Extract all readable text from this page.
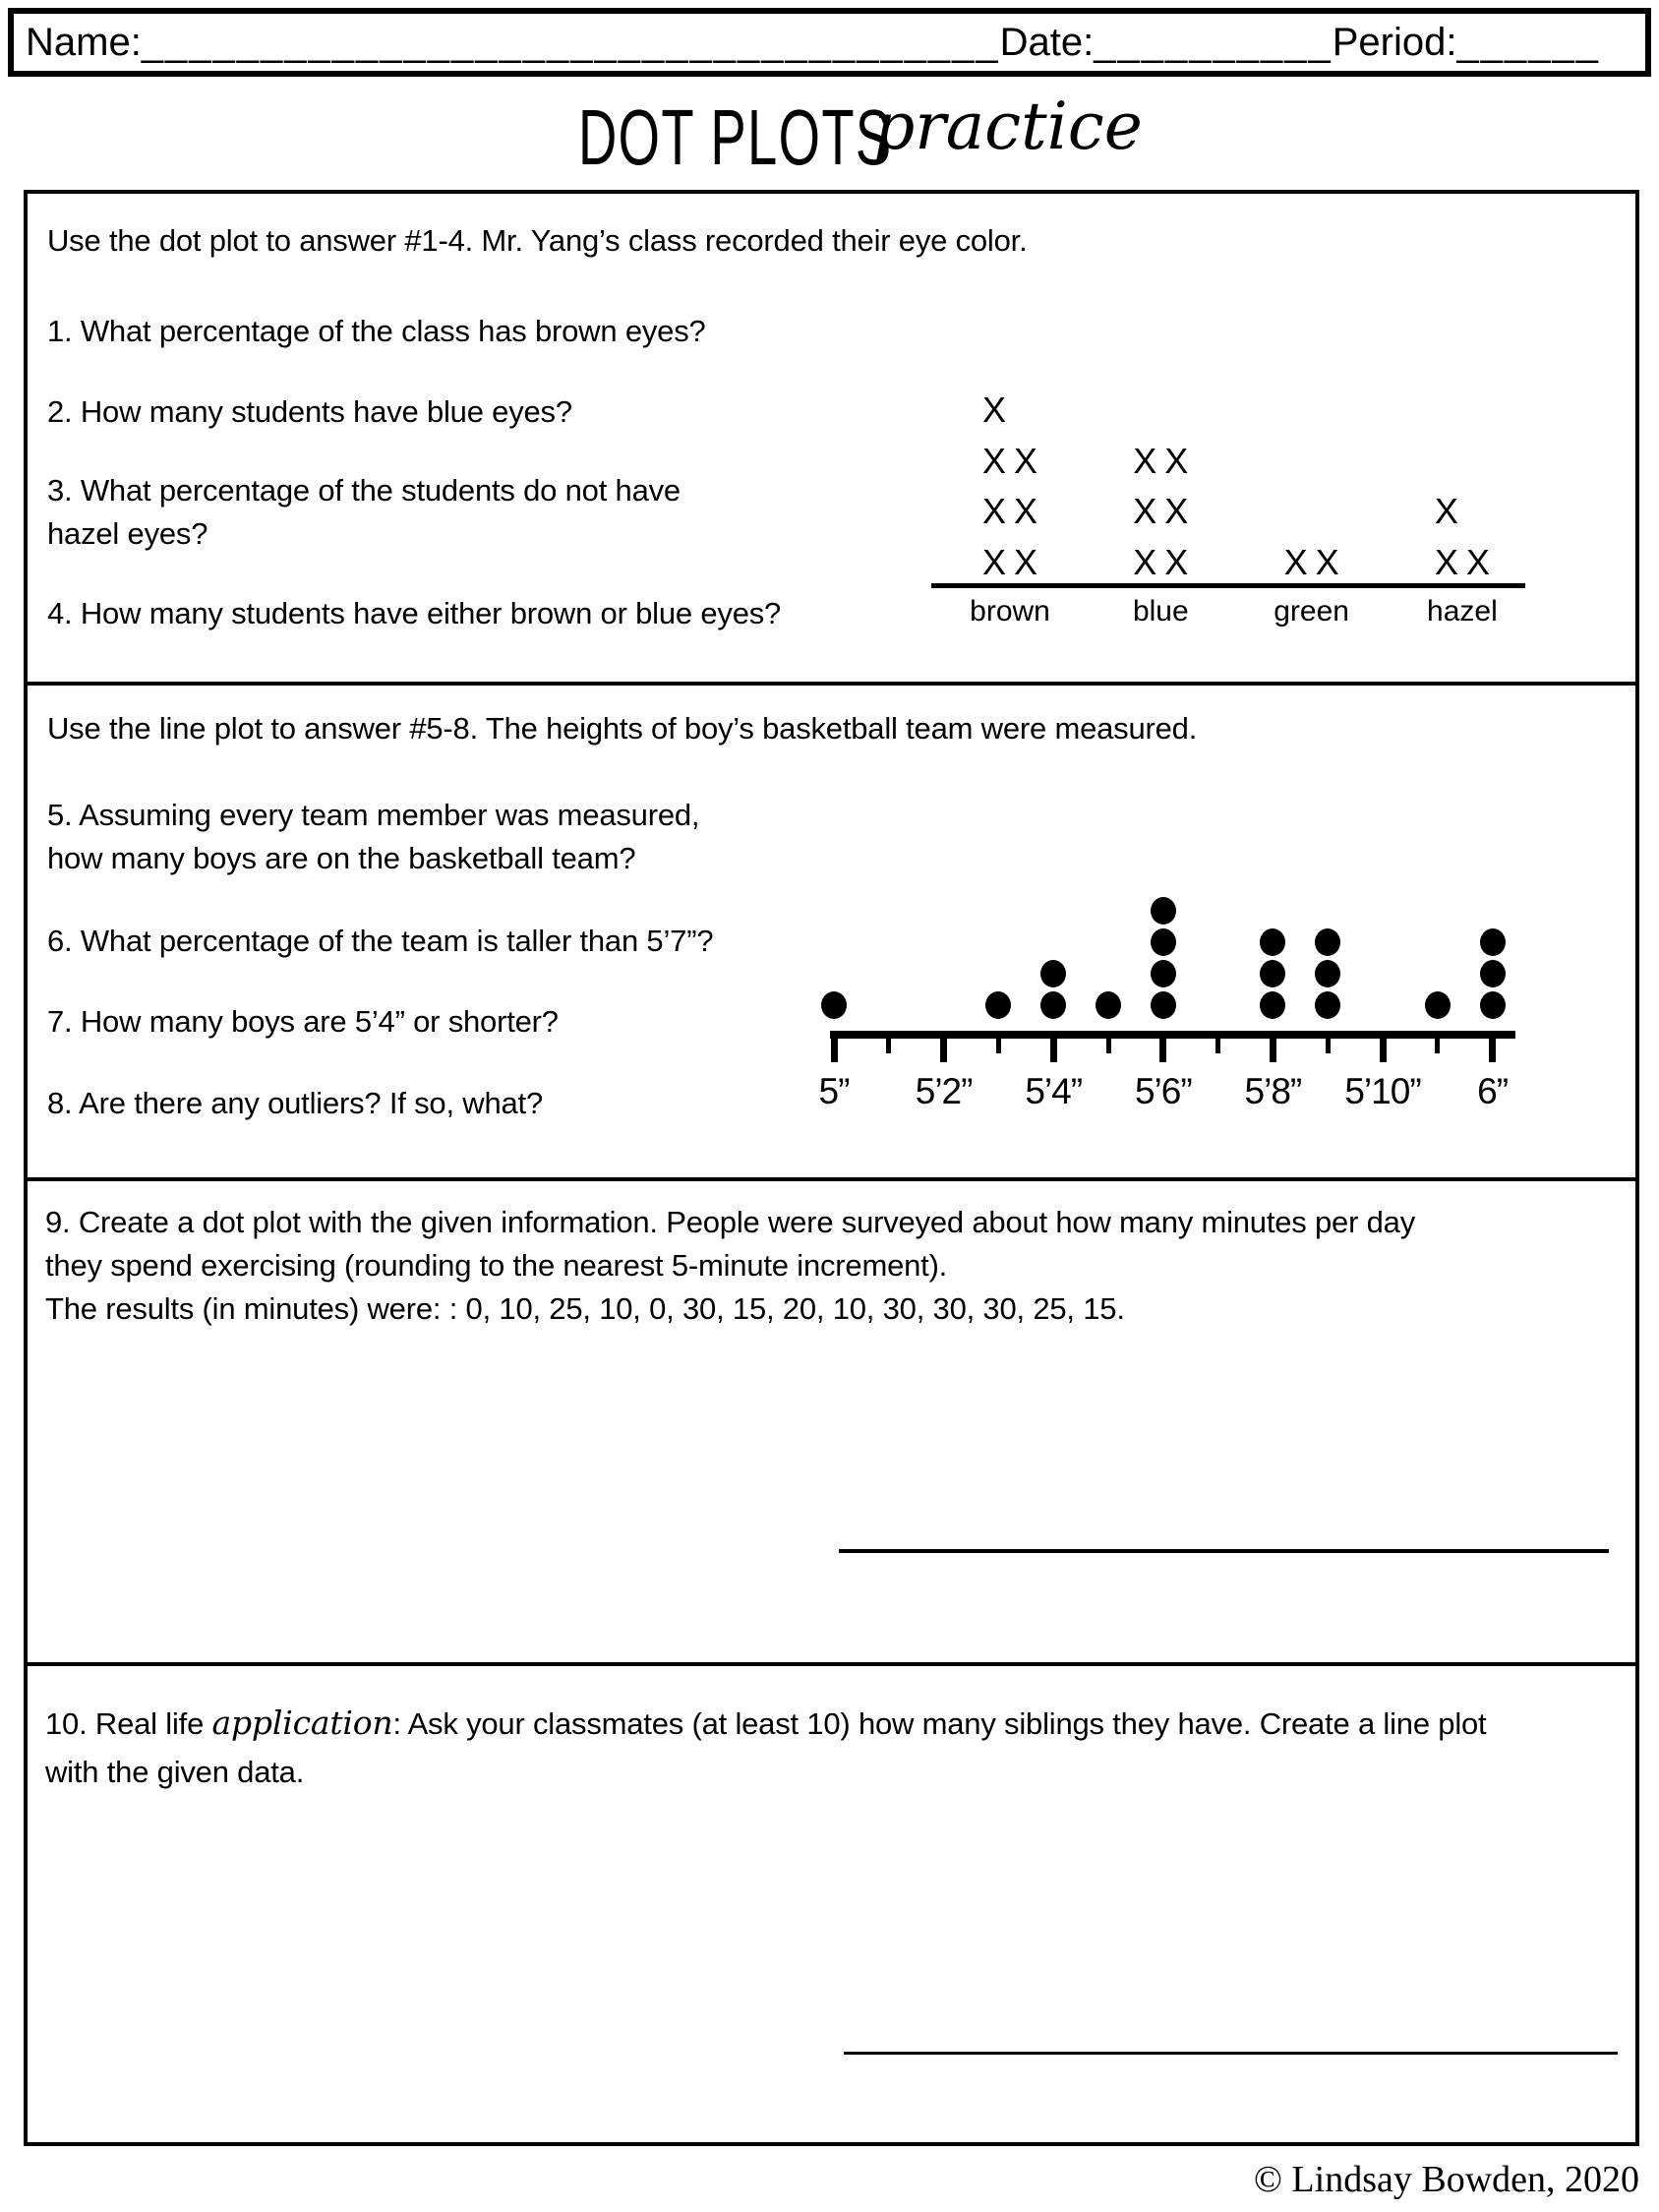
Name: ____________________________________ Date: __________ Period: ______
DOT PLOTS
practice
Use the dot plot to answer #1-4. Mr. Yang’s class recorded their eye color.
1. What percentage of the class has brown eyes?
2. How many students have blue eyes?
3. What percentage of the students do not have
hazel eyes?
4. How many students have either brown or blue eyes?
X X
X X
X X
X
brown
X X
X X
X X
blue
X X
green
X X
X
hazel
Use the line plot to answer #5-8. The heights of boy’s basketball team were measured.
5. Assuming every team member was measured,
how many boys are on the basketball team?
6. What percentage of the team is taller than 5’7”?
7. How many boys are 5’4” or shorter?
8. Are there any outliers? If so, what?	5” 5’2” 5’4” 5’6” 5’8” 5’10” 6”
9. Create a dot plot with the given information. People were surveyed about how many minutes per day
they spend exercising (rounding to the nearest 5-minute increment).
The results (in minutes) were: : 0, 10, 25, 10, 0, 30, 15, 20, 10, 30, 30, 30, 25, 15.
10. Real life application: Ask your classmates (at least 10) how many siblings they have. Create a line plot
with the given data.
© Lindsay Bowden, 2020
